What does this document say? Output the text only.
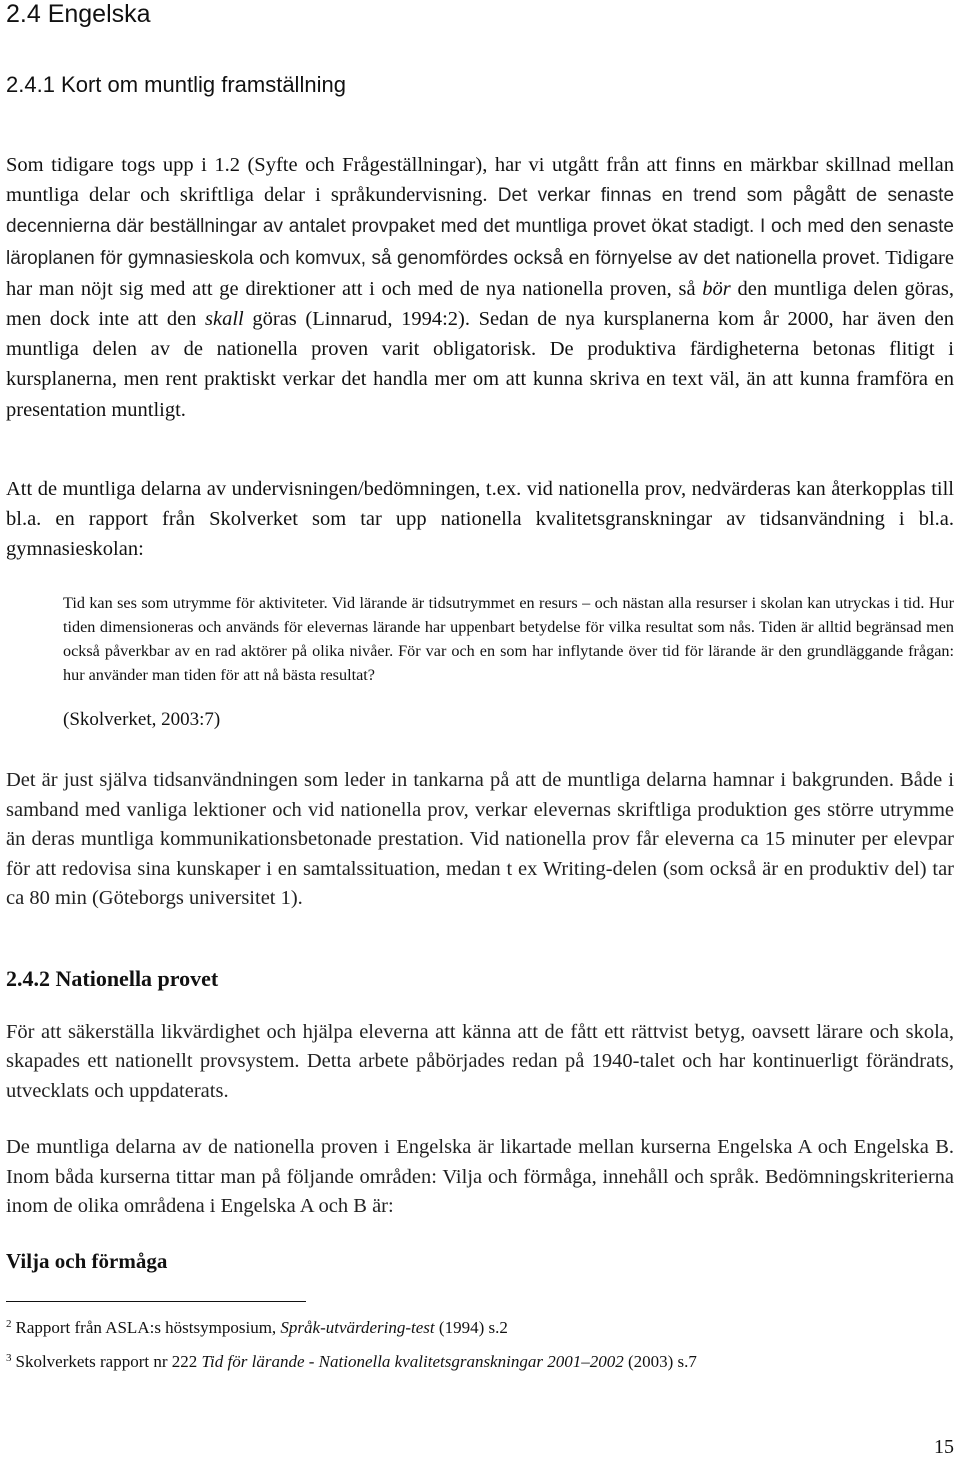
2.4 Engelska
2.4.1 Kort om muntlig framställning
Som tidigare togs upp i 1.2 (Syfte och Frågeställningar), har vi utgått från att finns en märkbar skillnad mellan muntliga delar och skriftliga delar i språkundervisning. Det verkar finnas en trend som pågått de senaste decennierna där beställningar av antalet provpaket med det muntliga provet ökat stadigt. I och med den senaste läroplanen för gymnasieskola och komvux, så genomfördes också en förnyelse av det nationella provet. Tidigare har man nöjt sig med att ge direktioner att i och med de nya nationella proven, så bör den muntliga delen göras, men dock inte att den skall göras (Linnarud, 1994:2). Sedan de nya kursplanerna kom år 2000, har även den muntliga delen av de nationella proven varit obligatorisk. De produktiva färdigheterna betonas flitigt i kursplanerna, men rent praktiskt verkar det handla mer om att kunna skriva en text väl, än att kunna framföra en presentation muntligt.
Att de muntliga delarna av undervisningen/bedömningen, t.ex. vid nationella prov, nedvärderas kan återkopplas till bl.a. en rapport från Skolverket som tar upp nationella kvalitetsgranskningar av tidsanvändning i bl.a. gymnasieskolan:
Tid kan ses som utrymme för aktiviteter. Vid lärande är tidsutrymmet en resurs – och nästan alla resurser i skolan kan utryckas i tid. Hur tiden dimensioneras och används för elevernas lärande har uppenbart betydelse för vilka resultat som nås. Tiden är alltid begränsad men också påverkbar av en rad aktörer på olika nivåer. För var och en som har inflytande över tid för lärande är den grundläggande frågan: hur använder man tiden för att nå bästa resultat?
(Skolverket, 2003:7)
Det är just själva tidsanvändningen som leder in tankarna på att de muntliga delarna hamnar i bakgrunden. Både i samband med vanliga lektioner och vid nationella prov, verkar elevernas skriftliga produktion ges större utrymme än deras muntliga kommunikationsbetonade prestation. Vid nationella prov får eleverna ca 15 minuter per elevpar för att redovisa sina kunskaper i en samtalssituation, medan t ex Writing-delen (som också är en produktiv del) tar ca 80 min (Göteborgs universitet 1).
2.4.2 Nationella provet
För att säkerställa likvärdighet och hjälpa eleverna att känna att de fått ett rättvist betyg, oavsett lärare och skola, skapades ett nationellt provsystem. Detta arbete påbörjades redan på 1940-talet och har kontinuerligt förändrats, utvecklats och uppdaterats.
De muntliga delarna av de nationella proven i Engelska är likartade mellan kurserna Engelska A och Engelska B. Inom båda kurserna tittar man på följande områden: Vilja och förmåga, innehåll och språk. Bedömningskriterierna inom de olika områdena i Engelska A och B är:
Vilja och förmåga
$^2$ Rapport från ASLA:s höstsymposium, Språk-utvärdering-test (1994) s.2
$^3$ Skolverkets rapport nr 222 Tid för lärande - Nationella kvalitetsgranskningar 2001–2002 (2003) s.7
15
